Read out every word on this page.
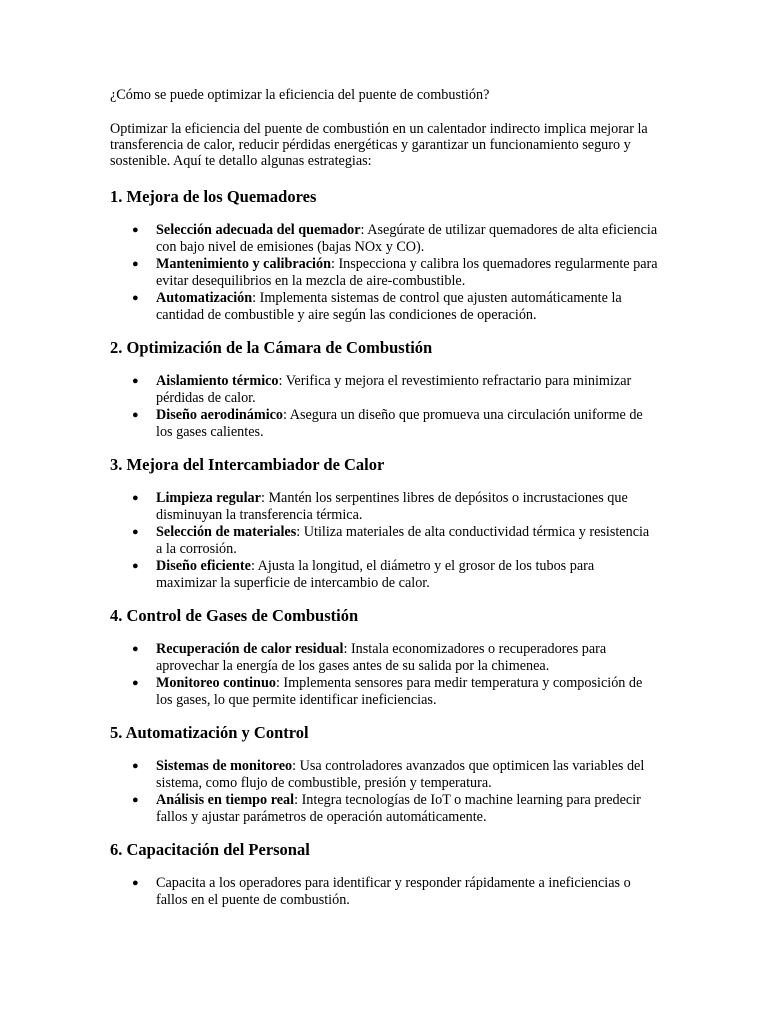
¿Cómo se puede optimizar la eficiencia del puente de combustión?

Optimizar la eficiencia del puente de combustión en un calentador indirecto implica mejorar la transferencia de calor, reducir pérdidas energéticas y garantizar un funcionamiento seguro y sostenible. Aquí te detallo algunas estrategias:

1. Mejora de los Quemadores
● Selección adecuada del quemador: Asegúrate de utilizar quemadores de alta eficiencia con bajo nivel de emisiones (bajas NOx y CO).
● Mantenimiento y calibración: Inspecciona y calibra los quemadores regularmente para evitar desequilibrios en la mezcla de aire-combustible.
● Automatización: Implementa sistemas de control que ajusten automáticamente la cantidad de combustible y aire según las condiciones de operación.
2. Optimización de la Cámara de Combustión
● Aislamiento térmico: Verifica y mejora el revestimiento refractario para minimizar pérdidas de calor.
● Diseño aerodinámico: Asegura un diseño que promueva una circulación uniforme de los gases calientes.
3. Mejora del Intercambiador de Calor
● Limpieza regular: Mantén los serpentines libres de depósitos o incrustaciones que disminuyan la transferencia térmica.
● Selección de materiales: Utiliza materiales de alta conductividad térmica y resistencia a la corrosión.
● Diseño eficiente: Ajusta la longitud, el diámetro y el grosor de los tubos para maximizar la superficie de intercambio de calor.
4. Control de Gases de Combustión
● Recuperación de calor residual: Instala economizadores o recuperadores para aprovechar la energía de los gases antes de su salida por la chimenea.
● Monitoreo continuo: Implementa sensores para medir temperatura y composición de los gases, lo que permite identificar ineficiencias.
5. Automatización y Control
● Sistemas de monitoreo: Usa controladores avanzados que optimicen las variables del sistema, como flujo de combustible, presión y temperatura.
● Análisis en tiempo real: Integra tecnologías de IoT o machine learning para predecir fallos y ajustar parámetros de operación automáticamente.
6. Capacitación del Personal
● Capacita a los operadores para identificar y responder rápidamente a ineficiencias o fallos en el puente de combustión.
